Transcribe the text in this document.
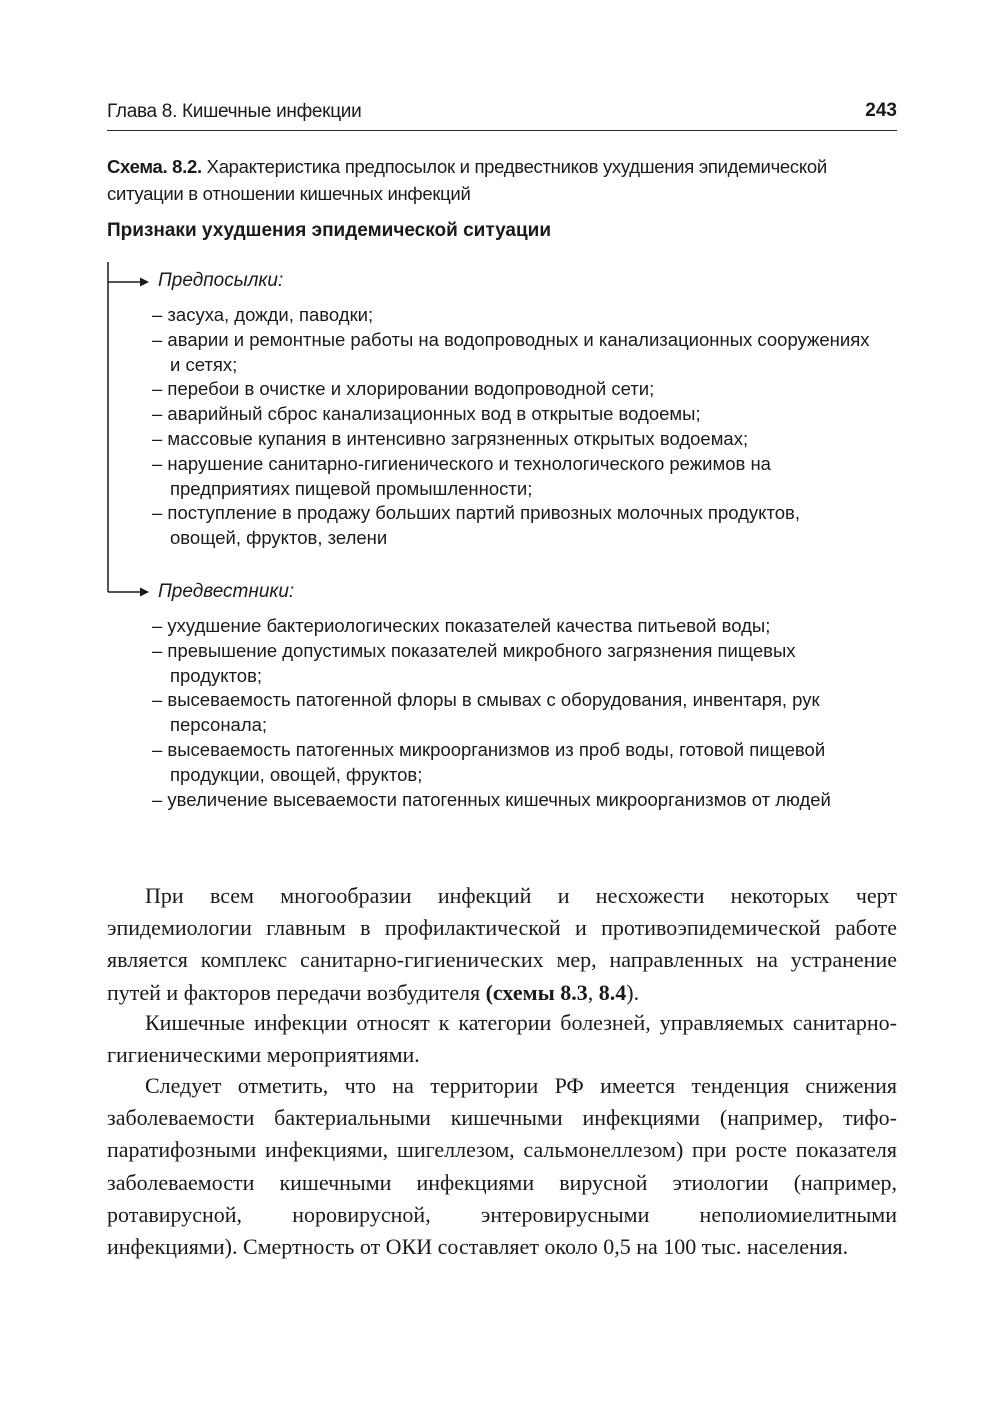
Глава 8. Кишечные инфекции	243
Схема. 8.2. Характеристика предпосылок и предвестников ухудшения эпидемической ситуации в отношении кишечных инфекций
Признаки ухудшения эпидемической ситуации
Предпосылки:
– засуха, дожди, паводки;
– аварии и ремонтные работы на водопроводных и канализационных сооружениях и сетях;
– перебои в очистке и хлорировании водопроводной сети;
– аварийный сброс канализационных вод в открытые водоемы;
– массовые купания в интенсивно загрязненных открытых водоемах;
– нарушение санитарно-гигиенического и технологического режимов на предприятиях пищевой промышленности;
– поступление в продажу больших партий привозных молочных продуктов, овощей, фруктов, зелени
Предвестники:
– ухудшение бактериологических показателей качества питьевой воды;
– превышение допустимых показателей микробного загрязнения пищевых продуктов;
– высеваемость патогенной флоры в смывах с оборудования, инвентаря, рук персонала;
– высеваемость патогенных микроорганизмов из проб воды, готовой пищевой продукции, овощей, фруктов;
– увеличение высеваемости патогенных кишечных микроорганизмов от людей

При всем многообразии инфекций и несхожести некоторых черт эпидемиологии главным в профилактической и противоэпидемической работе является комплекс санитарно-гигиенических мер, направленных на устранение путей и факторов передачи возбудителя (схемы 8.3, 8.4).

Кишечные инфекции относят к категории болезней, управляемых санитарно-гигиеническими мероприятиями.

Следует отметить, что на территории РФ имеется тенденция снижения заболеваемости бактериальными кишечными инфекциями (например, тифо-паратифозными инфекциями, шигеллезом, сальмонеллезом) при росте показателя заболеваемости кишечными инфекциями вирусной этиологии (например, ротавирусной, норовирусной, энтеровирусными неполиомиелитными инфекциями). Смертность от ОКИ составляет около 0,5 на 100 тыс. населения.
